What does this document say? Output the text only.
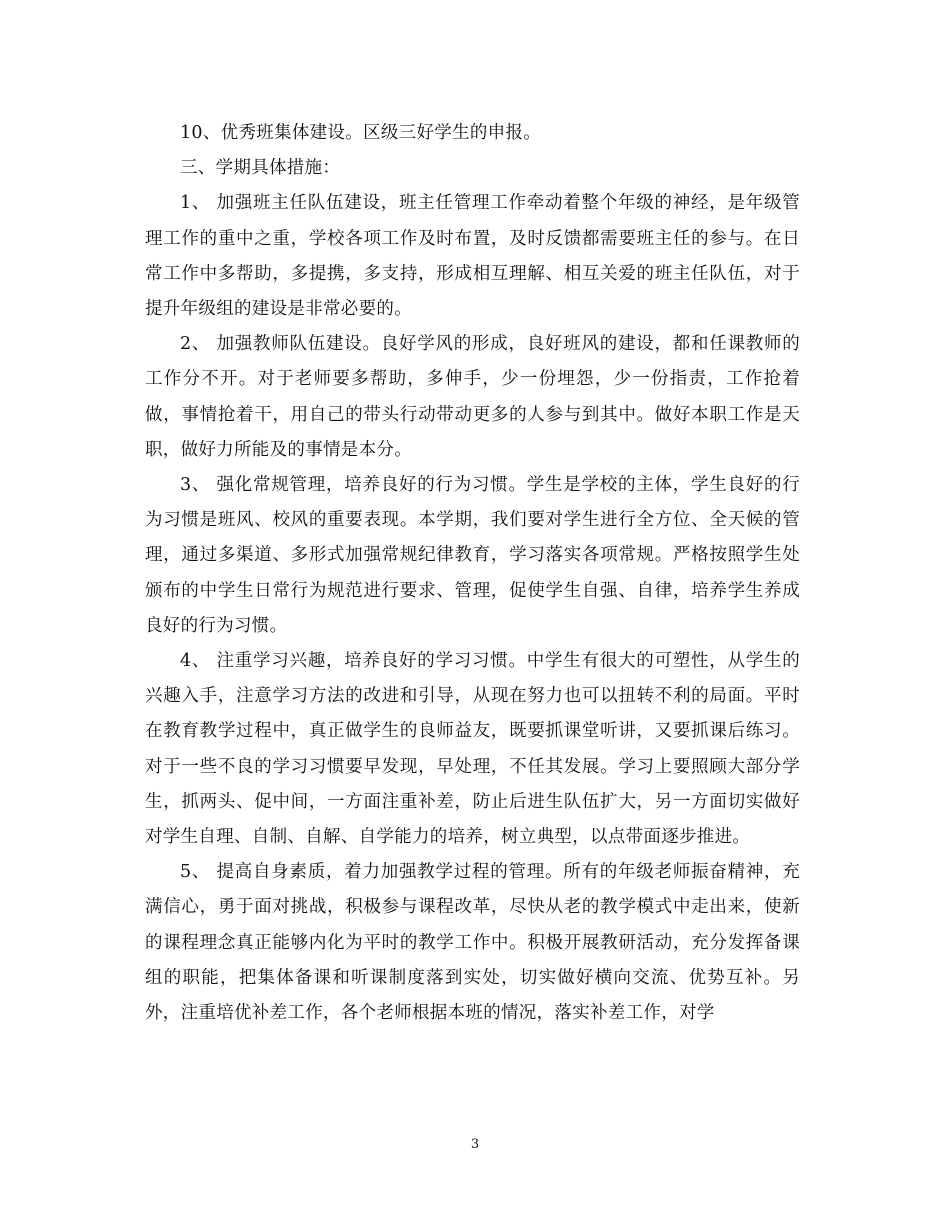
10、优秀班集体建设。区级三好学生的申报。

三、学期具体措施：

1、 加强班主任队伍建设，班主任管理工作牵动着整个年级的神经，是年级管理工作的重中之重，学校各项工作及时布置，及时反馈都需要班主任的参与。在日常工作中多帮助，多提携，多支持，形成相互理解、相互关爱的班主任队伍，对于提升年级组的建设是非常必要的。

2、 加强教师队伍建设。良好学风的形成，良好班风的建设，都和任课教师的工作分不开。对于老师要多帮助，多伸手，少一份埋怨，少一份指责，工作抢着做，事情抢着干，用自己的带头行动带动更多的人参与到其中。做好本职工作是天职，做好力所能及的事情是本分。

3、 强化常规管理，培养良好的行为习惯。学生是学校的主体，学生良好的行为习惯是班风、校风的重要表现。本学期，我们要对学生进行全方位、全天候的管理，通过多渠道、多形式加强常规纪律教育，学习落实各项常规。严格按照学生处颁布的中学生日常行为规范进行要求、管理，促使学生自强、自律，培养学生养成良好的行为习惯。

4、 注重学习兴趣，培养良好的学习习惯。中学生有很大的可塑性，从学生的兴趣入手，注意学习方法的改进和引导，从现在努力也可以扭转不利的局面。平时在教育教学过程中，真正做学生的良师益友，既要抓课堂听讲，又要抓课后练习。对于一些不良的学习习惯要早发现，早处理，不任其发展。学习上要照顾大部分学生，抓两头、促中间，一方面注重补差，防止后进生队伍扩大，另一方面切实做好对学生自理、自制、自解、自学能力的培养，树立典型，以点带面逐步推进。

5、 提高自身素质，着力加强教学过程的管理。所有的年级老师振奋精神，充满信心，勇于面对挑战，积极参与课程改革，尽快从老的教学模式中走出来，使新的课程理念真正能够内化为平时的教学工作中。积极开展教研活动，充分发挥备课组的职能，把集体备课和听课制度落到实处，切实做好横向交流、优势互补。另外，注重培优补差工作，各个老师根据本班的情况，落实补差工作，对学

3
